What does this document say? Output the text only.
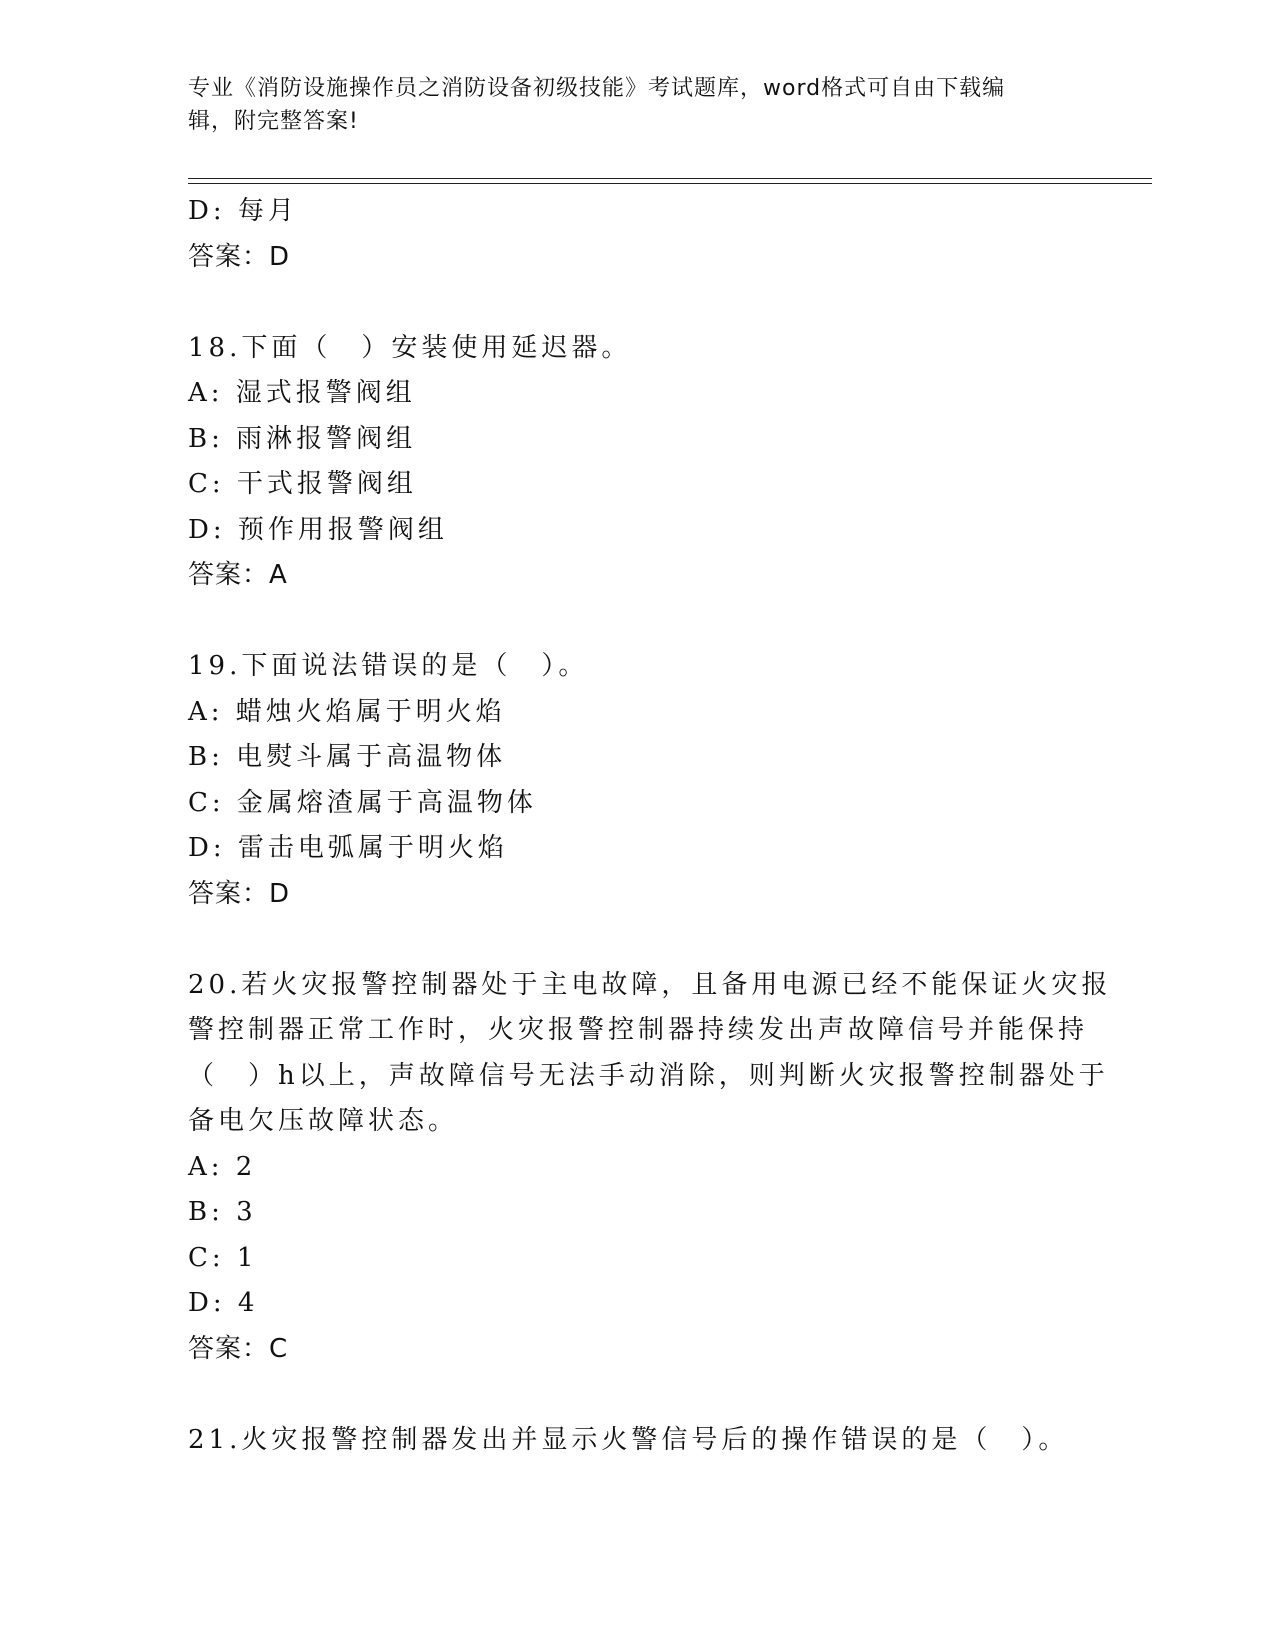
专业《消防设施操作员之消防设备初级技能》考试题库，word格式可自由下载编
辑，附完整答案!
D: 每月
答案：D
18.下面（　）安装使用延迟器。
A: 湿式报警阀组
B: 雨淋报警阀组
C: 干式报警阀组
D: 预作用报警阀组
答案：A
19.下面说法错误的是（　）。
A: 蜡烛火焰属于明火焰
B: 电熨斗属于高温物体
C: 金属熔渣属于高温物体
D: 雷击电弧属于明火焰
答案：D
20.若火灾报警控制器处于主电故障，且备用电源已经不能保证火灾报
警控制器正常工作时，火灾报警控制器持续发出声故障信号并能保持
（　）h以上，声故障信号无法手动消除，则判断火灾报警控制器处于
备电欠压故障状态。
A: 2
B: 3
C: 1
D: 4
答案：C
21.火灾报警控制器发出并显示火警信号后的操作错误的是（　）。
